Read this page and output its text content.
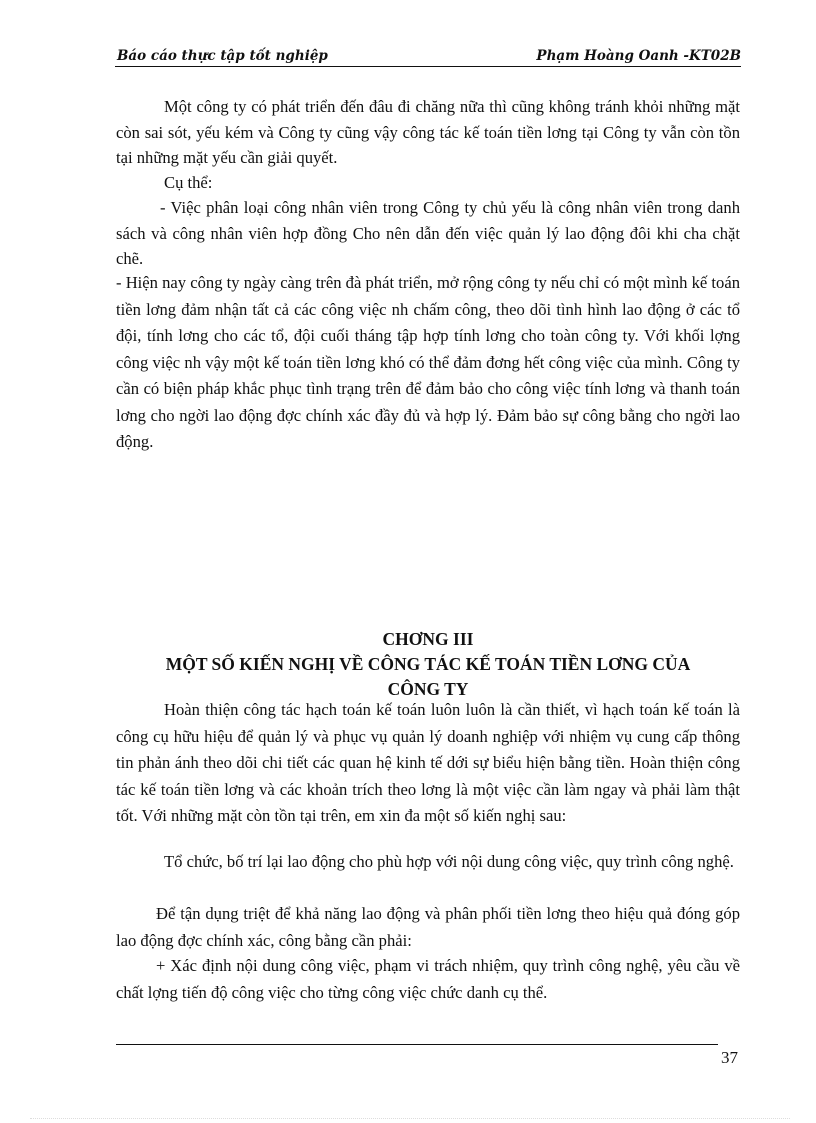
Báo cáo thực tập tốt nghiệp	Phạm Hoàng Oanh -KT02B

Một công ty có phát triển đến đâu đi chăng nữa thì cũng không tránh khỏi những mặt còn sai sót, yếu kém và Công ty cũng vậy công tác kế toán tiền lơng tại Công ty vẫn còn tồn tại những mặt yếu cần giải quyết.

Cụ thể:

- Việc phân loại công nhân viên trong Công ty chủ yếu là công nhân viên trong danh sách và công nhân viên hợp đồng Cho nên dẫn đến việc quản lý lao động đôi khi cha chặt chẽ.

- Hiện nay công ty ngày càng trên đà phát triển, mở rộng công ty nếu chỉ có một mình kế toán tiền lơng đảm nhận tất cả các công việc nh chấm công, theo dõi tình hình lao động ở các tổ đội, tính lơng cho các tổ, đội cuối tháng tập hợp tính lơng cho toàn công ty. Với khối lợng công việc nh vậy một kế toán tiền lơng khó có thể đảm đơng hết công việc của mình. Công ty cần có biện pháp khắc phục tình trạng trên để đảm bảo cho công việc tính lơng và thanh toán lơng cho ngời lao động đợc chính xác đầy đủ và hợp lý. Đảm bảo sự công bằng cho ngời lao động.

CHƠNG III

MỘT SỐ KIẾN NGHỊ VỀ CÔNG TÁC KẾ TOÁN TIỀN LƠNG CỦA

CÔNG TY

Hoàn thiện công tác hạch toán kế toán luôn luôn là cần thiết, vì hạch toán kế toán là công cụ hữu hiệu để quản lý và phục vụ quản lý doanh nghiệp với nhiệm vụ cung cấp thông tin phản ánh theo dõi chi tiết các quan hệ kinh tế dới sự biểu hiện bằng tiền. Hoàn thiện công tác kế toán tiền lơng và các khoản trích theo lơng là một việc cần làm ngay và phải làm thật tốt. Với những mặt còn tồn tại trên, em xin đa một số kiến nghị sau:

Tổ chức, bố trí lại lao động cho phù hợp với nội dung công việc, quy trình công nghệ.

Để tận dụng triệt để khả năng lao động và phân phối tiền lơng theo hiệu quả đóng góp lao động đợc chính xác, công bằng cần phải:

+ Xác định nội dung công việc, phạm vi trách nhiệm, quy trình công nghệ, yêu cầu về chất lợng tiến độ công việc cho từng công việc chức danh cụ thể.

37
